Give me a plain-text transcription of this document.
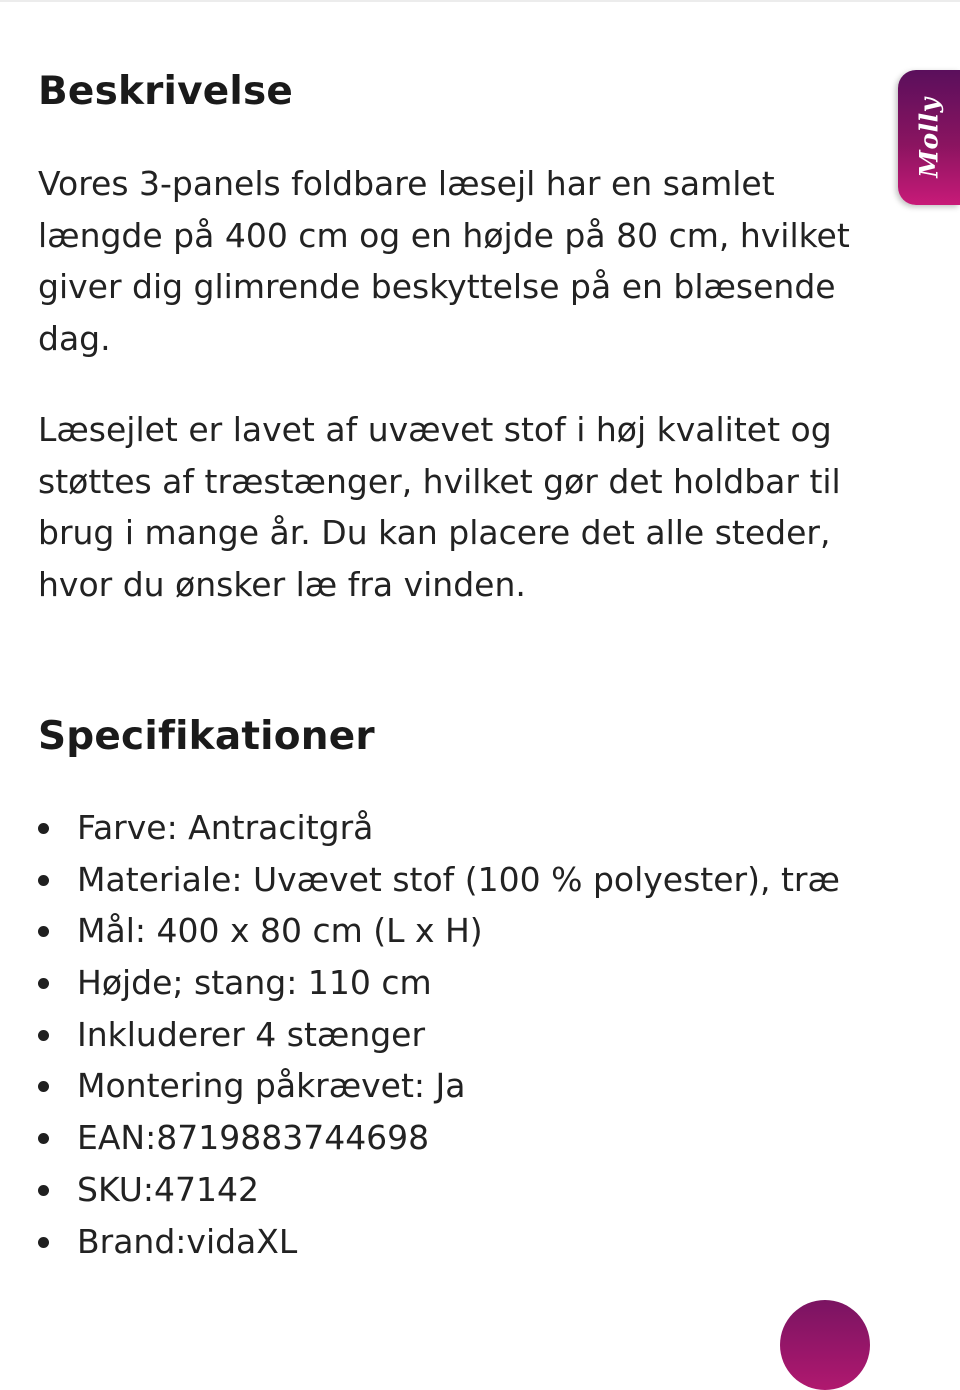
Beskrivelse

Vores 3-panels foldbare læsejl har en samlet længde på 400 cm og en højde på 80 cm, hvilket giver dig glimrende beskyttelse på en blæsende dag.

Læsejlet er lavet af uvævet stof i høj kvalitet og støttes af træstænger, hvilket gør det holdbar til brug i mange år. Du kan placere det alle steder, hvor du ønsker læ fra vinden.

Specifikationer
Farve: Antracitgrå
Materiale: Uvævet stof (100 % polyester), træ
Mål: 400 x 80 cm (L x H)
Højde; stang: 110 cm
Inkluderer 4 stænger
Montering påkrævet: Ja
EAN:8719883744698
SKU:47142
Brand:vidaXL
Molly
